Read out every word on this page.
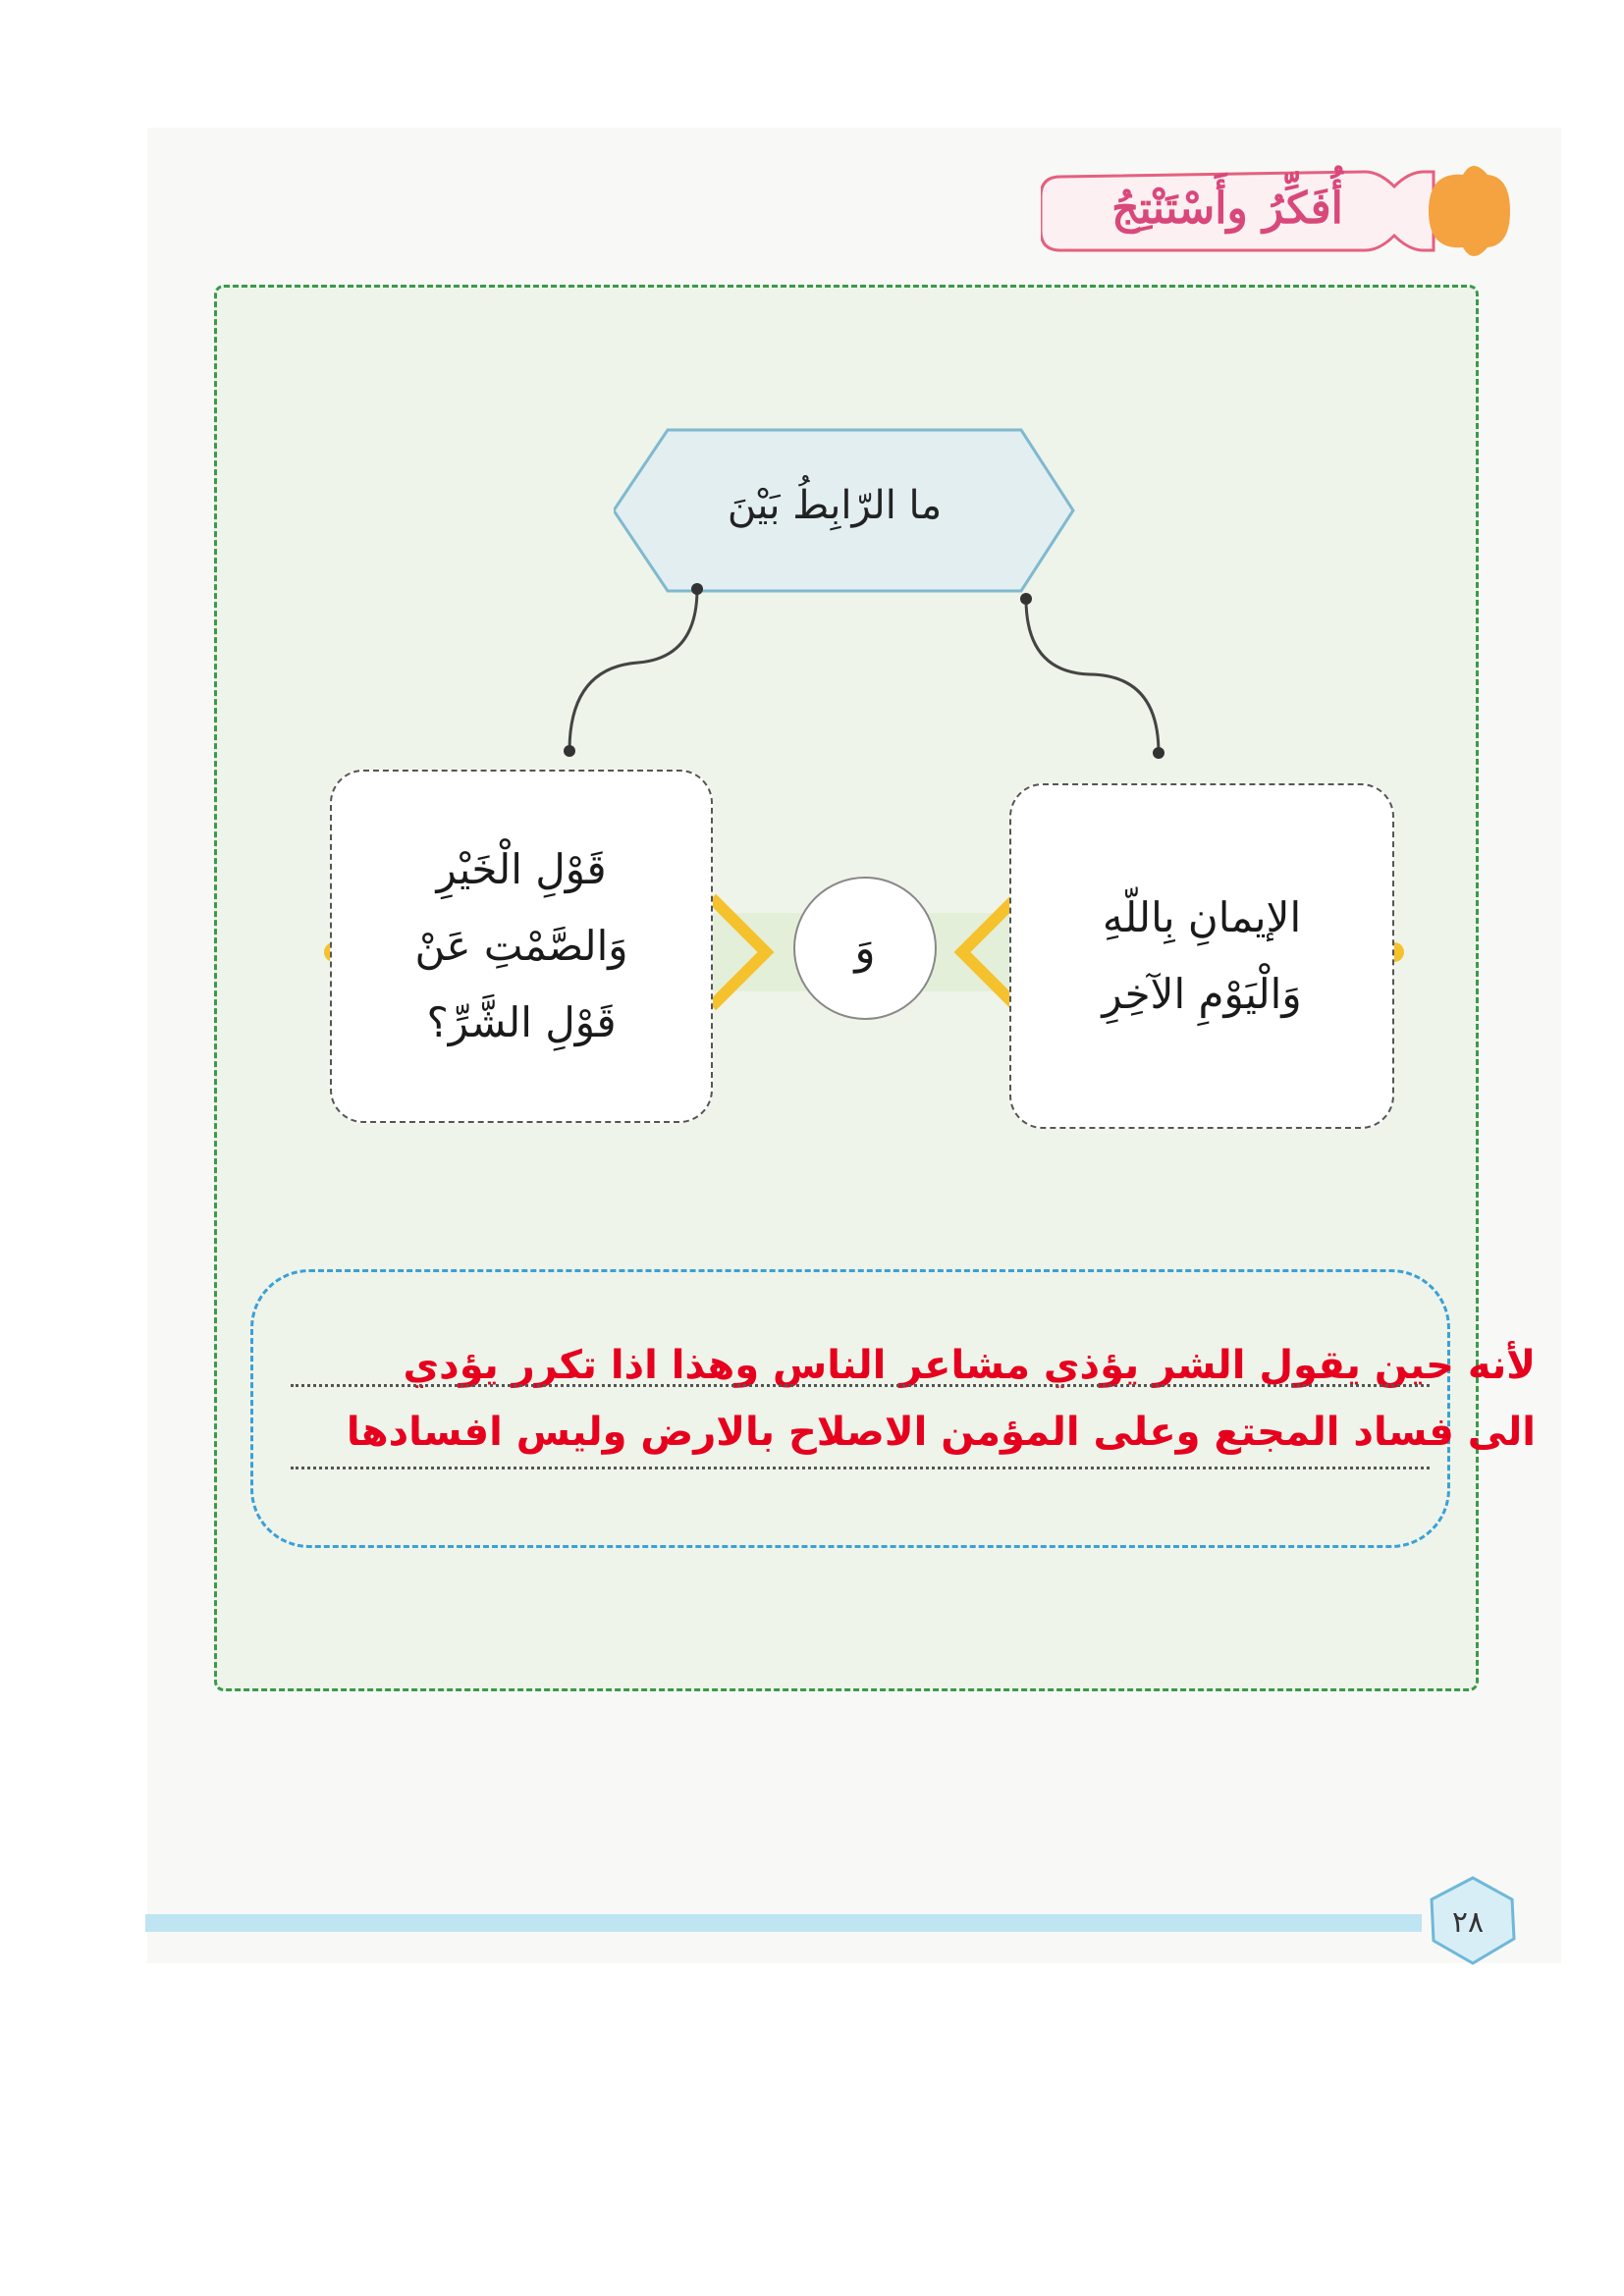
أُفَكِّرُ وأَسْتَنْتِجُ
ما الرّابِطُ بَيْنَ
قَوْلِ الْخَيْرِ
وَالصَّمْتِ عَنْ
قَوْلِ الشَّرِّ؟
وَ
الإيمانِ بِاللّهِ
وَالْيَوْمِ الآخِرِ
لأنه حين يقول الشر يؤذي مشاعر الناس وهذا اذا تكرر يؤدي
الى فساد المجتع وعلى المؤمن الاصلاح بالارض وليس افسادها
٢٨
